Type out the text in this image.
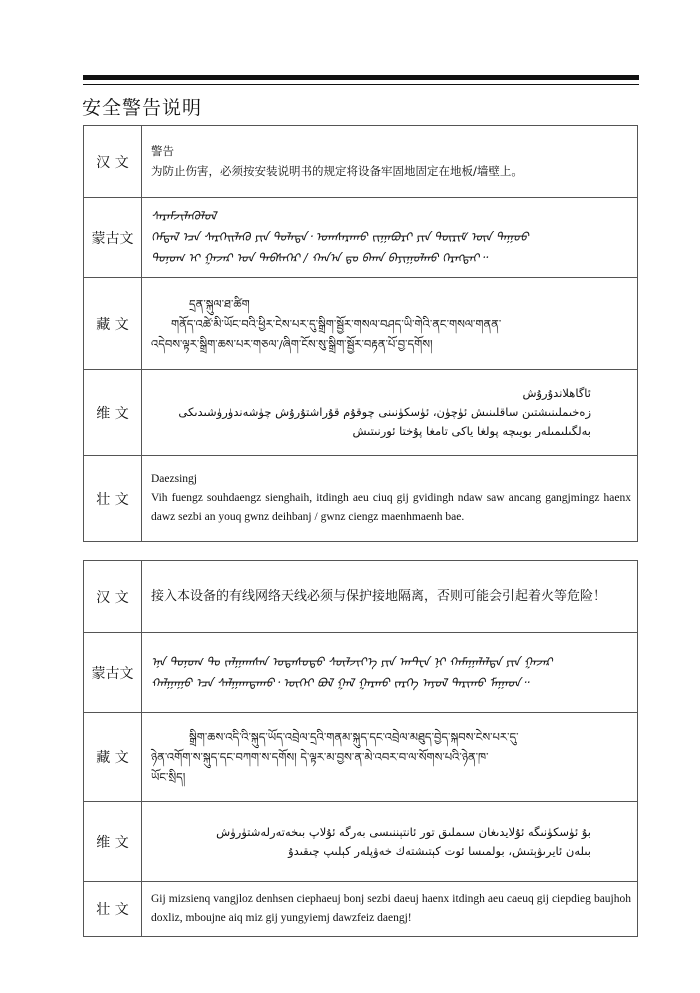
安全警告说明
汉 文	警告
为防止伤害，必须按安装说明书的规定将设备牢固地固定在地板/墙壁上。

蒙古文	ᠰᠡᠷᠡᠮᠵᠢᠯᠡᠭᠦᠯᠦᠯ
ᠭᠡᠮᠲᠡᠯ ᠡᠴᠡ ᠰᠡᠷᠭᠡᠢᠯᠡᠬᠦ ᠶᠢᠨ ᠲᠤᠯᠠᠳᠠ᠂ ᠤᠭᠰᠠᠷᠠᠬᠤ ᠵᠢᠭᠠᠪᠤᠷᠢ ᠶᠢᠨ ᠳᠦᠷᠢᠮ ᠦᠨ ᠳᠠᠭᠤᠤ
ᠲᠣᠨᠣᠭ ᠢ ᠭᠠᠵᠠᠷ ᠤᠨ ᠳᠡᠪᠰᠡᠭᠡᠷ / ᠬᠠᠨ᠎ᠠ ᠳᠤ ᠪᠠᠬᠠ ᠪᠠᠶᠢᠭᠤᠯᠬᠤ ᠬᠡᠷᠡᠭᠲᠡᠢ᠃

藏 文	དྲན་སྐུལ་ཐ་ཚིག
གནོད་འཚེ་མི་ཡོང་བའི་ཕྱིར་ངེས་པར་དུ་སྒྲིག་སྦྱོར་གསལ་བཤད་ཡི་གེའི་ནང་གསལ་གནན་
འདེབས་ལྟར་སྒྲིག་ཆས་པར་གཅལ་/ཞིག་ངོས་སུ་སྒྲིག་སྦྱོར་བརྟན་པོ་བྱ་དགོས།

维 文	ئاگاھلاندۇرۇش
زەخىملىنىشتىن ساقلىنىش ئۈچۈن، ئۈسكۈنىنى چوقۇم قۇراشتۇرۇش چۈشەندۈرۈشىدىكى
بەلگىلىمىلەر بويىچە پولغا ياكى تامغا پۇختا ئورنىتىش

壮 文	Daezsingj
Vih fuengz souhdaengz sienghaih, itdingh aeu ciuq gij gvidingh ndaw saw ancang gangjmingz haenx dawz sezbi an youq gwnz deihbanj / gwnz ciengz maenhmaenh bae.
汉 文	接入本设备的有线网络天线必须与保护接地隔离，否则可能会引起着火等危险！

蒙古文	ᠡᠨᠡ ᠲᠣᠨᠣᠭ ᠲᠤ ᠵᠠᠯᠭᠠᠭᠰᠠᠨ ᠤᠲᠠᠰᠤᠲᠤ ᠰᠦᠯᠵᠢᠶ᠎ᠡ ᠶᠢᠨ ᠠᠨᠲ᠋ᠧᠨ ᠨᠢ ᠬᠠᠮᠠᠭᠠᠯᠠᠯᠲᠠ ᠶᠢᠨ ᠭᠠᠵᠠᠷ
ᠬᠠᠯᠭᠠᠭᠤ ᠡᠴᠡ ᠰᠠᠯᠭᠠᠭᠳᠠᠬᠤ᠂ ᠦᠭᠡᠢ ᠪᠣᠯ ᠭᠠᠯ ᠭᠠᠷᠬᠤ ᠵᠡᠷᠭᠡ ᠠᠶᠤᠯ ᠲᠠᠷᠢᠬᠤ ᠮᠠᠭᠠᠳ᠃

藏 文	སྒྲིག་ཆས་འདི་འི་སྐུད་ཡོད་འབྲེལ་དྲའི་གནམ་སྐུད་དང་འབྲེལ་མཐུད་བྱེད་སྐབས་ངེས་པར་དུ་
ཉེན་འགོག་ས་སྐུད་དང་བཀག་ས་དགོས། དེ་ལྟར་མ་བྱས་ན་མེ་འབར་བ་ལ་སོགས་པའི་ཉེན་ཁ་
ཡོང་སྲིད།

维 文	بۇ ئۈسكۈنىگە ئۇلايدىغان سىملىق تور ئانتېننىسى بەرگە ئۇلاپ بىخەتەرلەشتۈرۈش
بىلەن ئايرىۋېتىش، بولمىسا ئوت كېتىشتەك خەۋپلەر كېلىپ چىقىدۇ

壮 文	Gij mizsienq vangjloz denhsen ciephaeuj bonj sezbi daeuj haenx itdingh aeu caeuq gij ciepdieg baujhoh doxliz, mboujne aiq miz gij yungyiemj dawzfeiz daengj!
